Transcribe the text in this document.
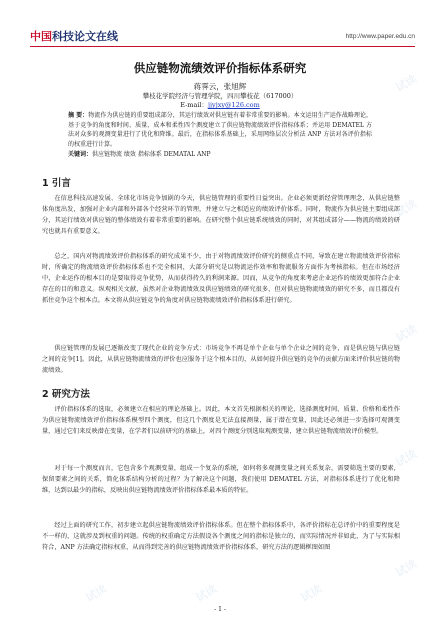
中国科技论文在线	http://www.paper.edu.cn
供应链物流绩效评价指标体系研究
蒋霁云，张旭辉
攀枝花学院经济与管理学院，四川攀枝花（617000）
E-mail：jjyjxy@126.com
摘 要：物流作为供应链的重要组成部分，其运行绩效对供应链有着非常重要的影响。本文运用生产运作战略理论，基于竞争的角度和时间、质量、成本和柔性四个测度建立了供应链物流绩效评价指标体系；并运用 DEMATEL 方法对众多的观测变量进行了优化和降维。最后，在指标体系基础上，采用网络层次分析法 ANP 方法对各评价指标的权重进行计算。
关键词：供应链物流 绩效 指标体系 DEMATAL ANP
1 引言
在信息科技高速发展、全球化市场竞争加剧的今天，供应链管理的重要性日益突出。企业必须更新经营管理理念，从供应链整体角度出发，加强对企业内部和外部各个经营环节的管理，并建立与之相适应的绩效评价体系。同时，物流作为供应链主要组成部分，其运行绩效对供应链的整体绩效有着非常重要的影响。在研究整个供应链系统绩效的同时，对其组成部分——物流的绩效的研究也就具有重要意义。
总之，国内对物流绩效评价指标体系的研究成果不少，由于对物流绩效评价研究的侧重点不同，导致在建立物流绩效评价指标时，所确定的物流绩效评价指标体系也不完全相同，大部分研究是以物流运作效率和物流服务方面作为考核指标。但在市场经济中，企业运作的根本目的是要取得竞争优势，从而获得持久的利润来源。因而，从竞争的角度来考虑企业运作的绩效更加符合企业存在的目的和意义。纵观相关文献，虽然对企业物流绩效及供应链绩效的研究很多，但对供应链物流绩效的研究不多，而且都没有抓住竞争这个根本点。本文将从供应链竞争的角度对供应链物流绩效评价指标体系进行研究。
供应链管理的发展已逐渐改变了现代企业的竞争方式：市场竞争不再是单个企业与单个企业之间的竞争，而是供应链与供应链之间的竞争[1]。因此，从供应链物流绩效的评价也应服务于这个根本目的，从如何提升供应链的竞争的贡献方面来评价供应链的物流绩效。
2 研究方法
评价指标体系的选取，必须建立在相应的理论基础上。因此，本文首先根据相关的理论，选择测度时间、质量、价格和柔性作为供应链物流绩效评价指标体系模型四个测度，但这几个测度是无法直接测量，属于潜在变量，因此还必须进一步选择可观测变量，通过它们来反映潜在变量，在学者们以前研究的基础上，对四个测度分别选取观测变量，建立供应链物流绩效评价模型。
对于每一个测度而言，它包含多个观测变量，组成一个复杂的系统，如何将多观测变量之间关系复杂，需要筛选主要的要素，保留要素之间的关系，简化体系结构分析的过程？为了解决这个问题，我们使用 DEMATEL 方法，对指标体系进行了优化和降维，达到以最少的指标，反映出供应链物流绩效评价指标体系最本质的特征。
经过上面的研究工作，初步建立起供应链物流绩效评价指标体系。但在整个指标体系中，各评价指标在总评价中的重要程度是不一样的，这就涉及到权重的问题。传统的权重确定方法假设各个测度之间的指标是独立的，而实际情况并非如此，为了与实际相符合，ANP 方法确定指标权重，从而得到完善的供应链物流绩效评价指标体系，研究方法的逻辑框图如图
- 1 -
试读
试读
试读
试读
试读
试读
试读
试读
